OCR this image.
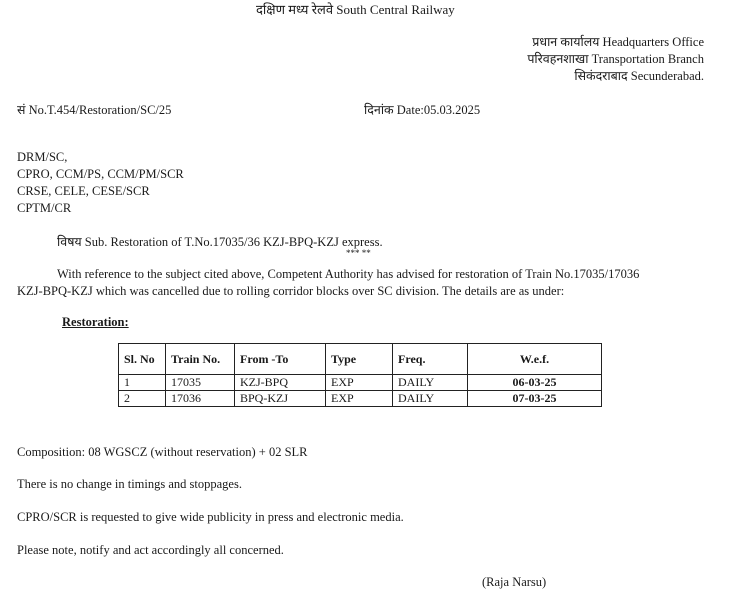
दक्षिण मध्य रेलवे South Central Railway
प्रधान कार्यालय Headquarters Office
परिवहनशाखा Transportation Branch
सिकंदराबाद Secunderabad.
सं No.T.454/Restoration/SC/25	दिनांक Date:05.03.2025
DRM/SC,
CPRO, CCM/PS, CCM/PM/SCR
CRSE, CELE, CESE/SCR
CPTM/CR
विषय Sub. Restoration of T.No.17035/36 KZJ-BPQ-KZJ express.
*** **
With reference to the subject cited above, Competent Authority has advised for restoration of Train No.17035/17036
KZJ-BPQ-KZJ which was cancelled due to rolling corridor blocks over SC division. The details are as under:
Restoration:
Sl. No	Train No.	From -To	Type	Freq.	W.e.f.
1	17035	KZJ-BPQ	EXP	DAILY	06-03-25
2	17036	BPQ-KZJ	EXP	DAILY	07-03-25
Composition: 08 WGSCZ (without reservation) + 02 SLR
There is no change in timings and stoppages.
CPRO/SCR is requested to give wide publicity in press and electronic media.
Please note, notify and act accordingly all concerned.
(Raja Narsu)
